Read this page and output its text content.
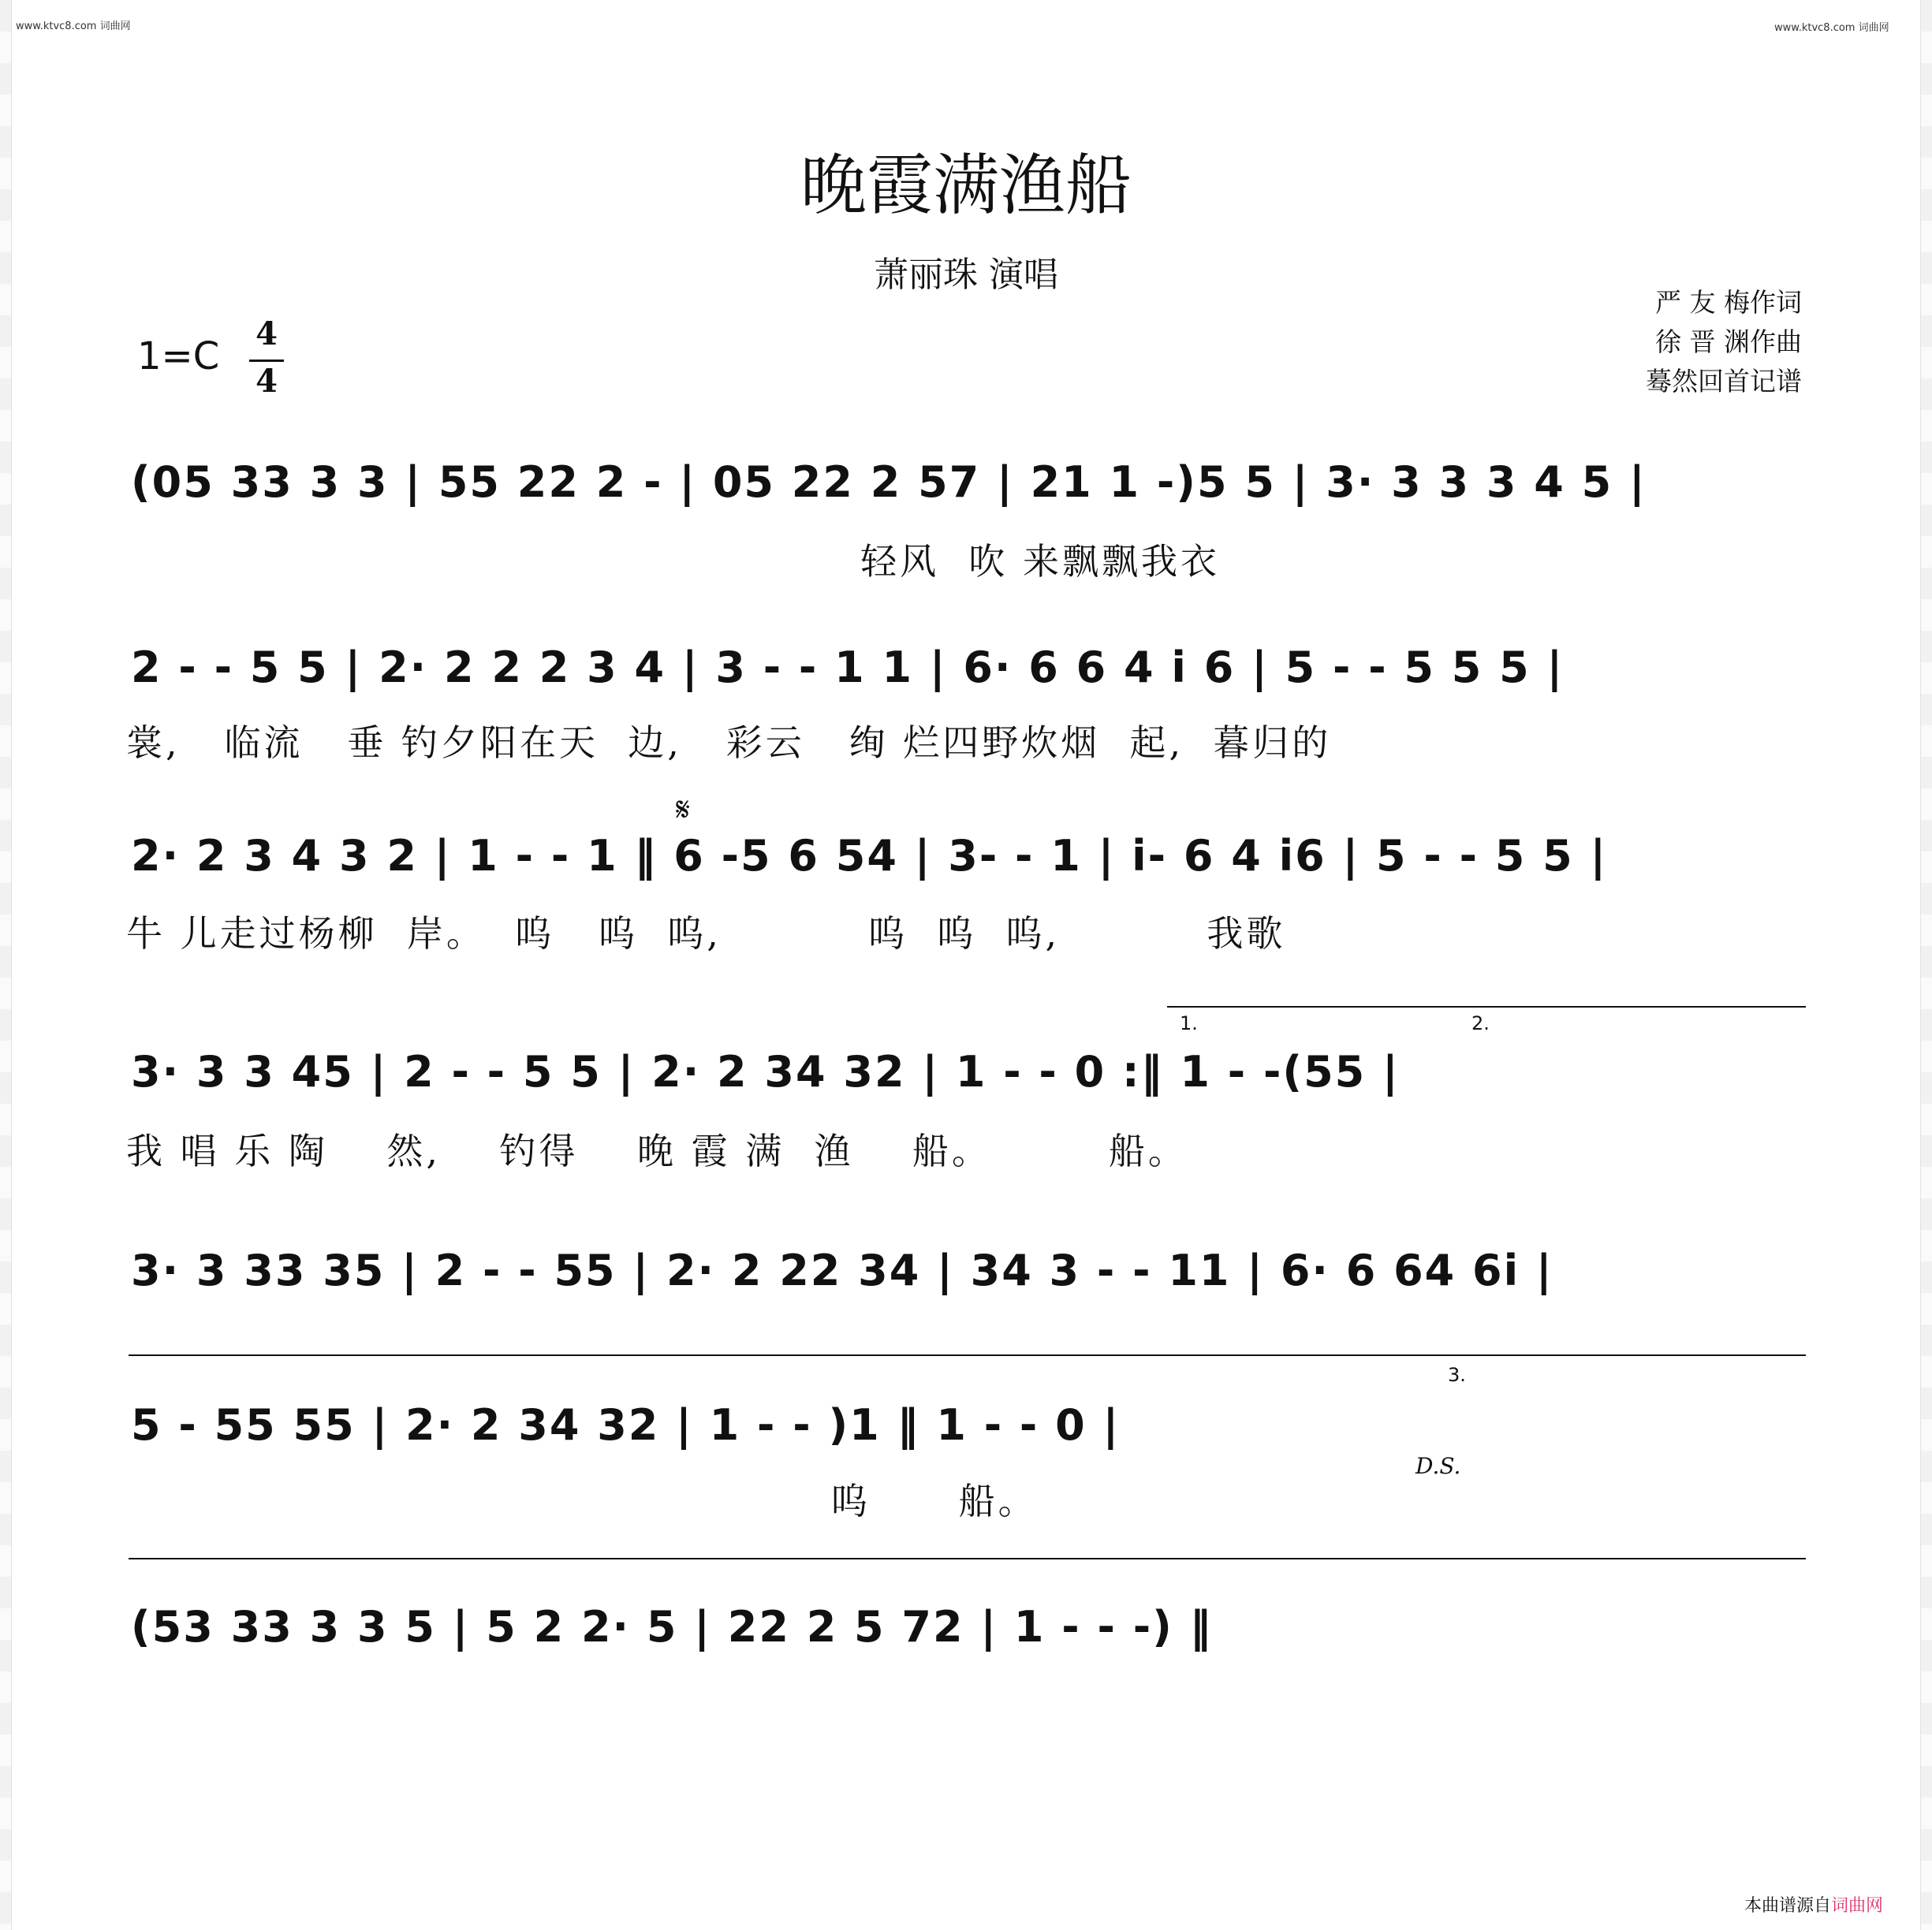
www.ktvc8.com 词曲网	www.ktvc8.com 词曲网
晚霞满渔船
萧丽珠 演唱
严 友 梅作词
徐 晋 渊作曲
蓦然回首记谱
1=C
4
4
(05 33 3 3 | 55 22 2 - | 05 22 2 57 | 21 1 -)5 5 | 3· 3 3 3 4 5 |
轻风  吹 来飘飘我衣
2 - - 5 5 | 2· 2 2 2 3 4 | 3 - - 1 1 | 6· 6 6 4 i 6 | 5 - - 5 5 5 |
裳,   临流   垂 钓夕阳在天  边,   彩云   绚 烂四野炊烟  起,  暮归的
𝄋
2· 2 3 4 3 2 | 1 - - 1 ‖ 6 -5 6 54 | 3- - 1 | i- 6 4 i6 | 5 - - 5 5 |
牛 儿走过杨柳  岸。  呜   呜  呜,          呜  呜  呜,          我歌
1.	2.
3· 3 3 45 | 2 - - 5 5 | 2· 2 34 32 | 1 - - 0 :‖ 1 - -(55 |
我 唱 乐 陶    然,    钓得    晚 霞 满  渔    船。        船。
3· 3 33 35 | 2 - - 55 | 2· 2 22 34 | 34 3 - - 11 | 6· 6 64 6i |
3.
5 - 55 55 | 2· 2 34 32 | 1 - - )1 ‖ 1 - - 0 |
D.S.
呜      船。
(53 33 3 3 5 | 5 2 2· 5 | 22 2 5 72 | 1 - - -) ‖
本曲谱源自词曲网
